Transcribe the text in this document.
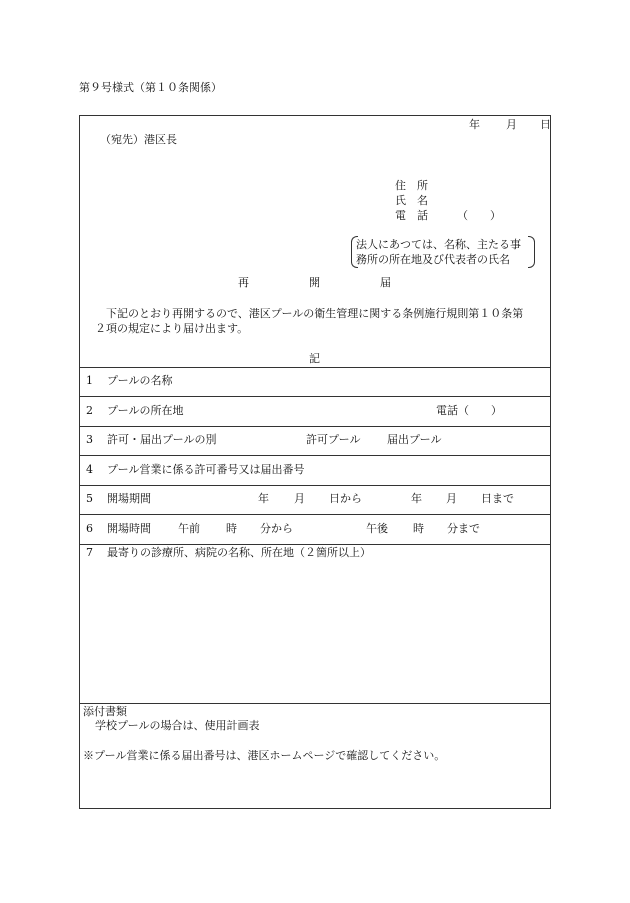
第９号様式（第１０条関係）
年 月 日
（宛先）港区長
住　所
氏　名
電　話	（　　）
法人にあつては、名称、主たる事
務所の所在地及び代表者の氏名
再	開	届
下記のとおり再開するので、港区プールの衛生管理に関する条例施行規則第１０条第
２項の規定により届け出ます。
記
1 プールの名称
2 プールの所在地	電話（　　）
3 許可・届出プールの別	許可プール 届出プール
4 プール営業に係る許可番号又は届出番号
5 開場期間	年 月 日から	年 月 日まで
6 開場時間 午前 時 分から	午後 時 分まで
7 最寄りの診療所、病院の名称、所在地（２箇所以上）
添付書類
学校プールの場合は、使用計画表
※プール営業に係る届出番号は、港区ホームページで確認してください。
